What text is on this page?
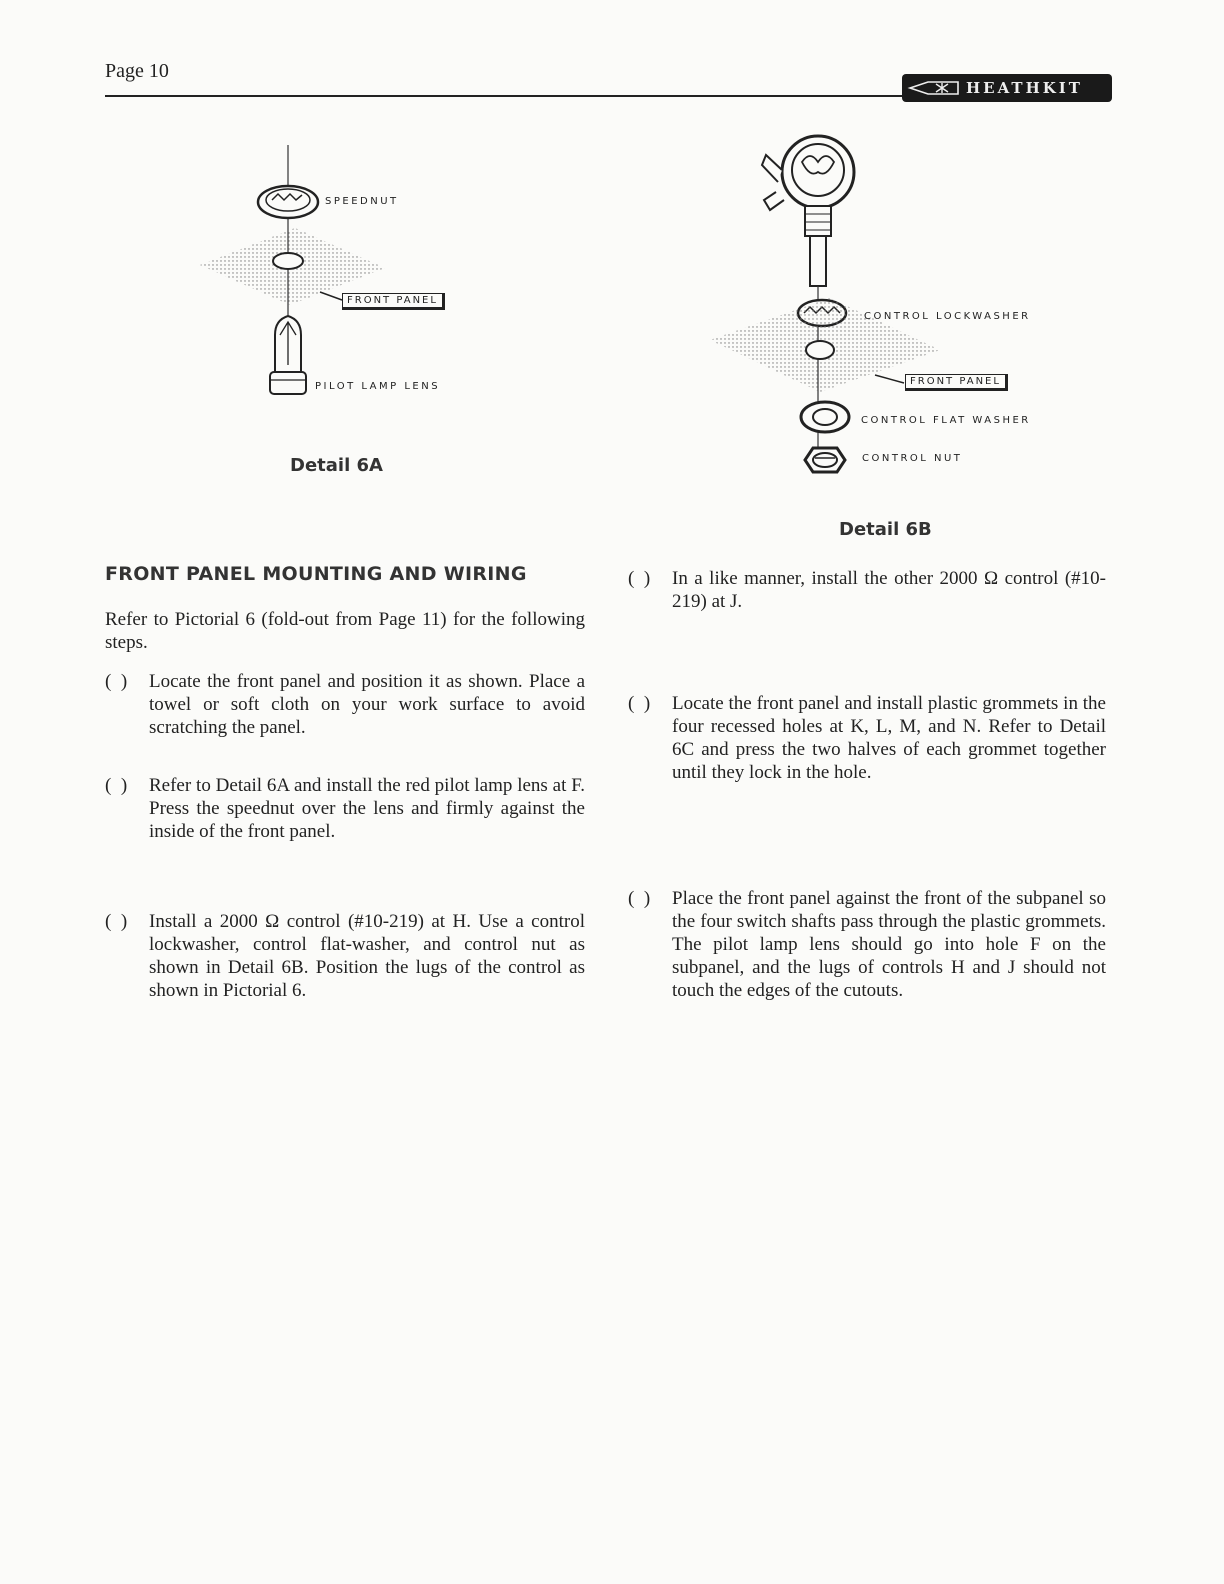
Page 10
HEATHKIT
SPEEDNUT
FRONT PANEL
PILOT LAMP LENS
Detail 6A
CONTROL LOCKWASHER
FRONT PANEL
CONTROL FLAT WASHER
CONTROL NUT
Detail 6B
FRONT PANEL MOUNTING AND WIRING
Refer to Pictorial 6 (fold-out from Page 11) for the following steps.
(  )	Locate the front panel and position it as shown. Place a towel or soft cloth on your work surface to avoid scratching the panel.
(  )	Refer to Detail 6A and install the red pilot lamp lens at F. Press the speednut over the lens and firmly against the inside of the front panel.
(  )	Install a 2000 Ω control (#10-219) at H. Use a control lockwasher, control flat-washer, and control nut as shown in Detail 6B. Position the lugs of the control as shown in Pictorial 6.
(  )	In a like manner, install the other 2000 Ω control (#10-219) at J.
(  )	Locate the front panel and install plastic grommets in the four recessed holes at K, L, M, and N. Refer to Detail 6C and press the two halves of each grommet together until they lock in the hole.
(  )	Place the front panel against the front of the subpanel so the four switch shafts pass through the plastic grommets. The pilot lamp lens should go into hole F on the subpanel, and the lugs of controls H and J should not touch the edges of the cutouts.
